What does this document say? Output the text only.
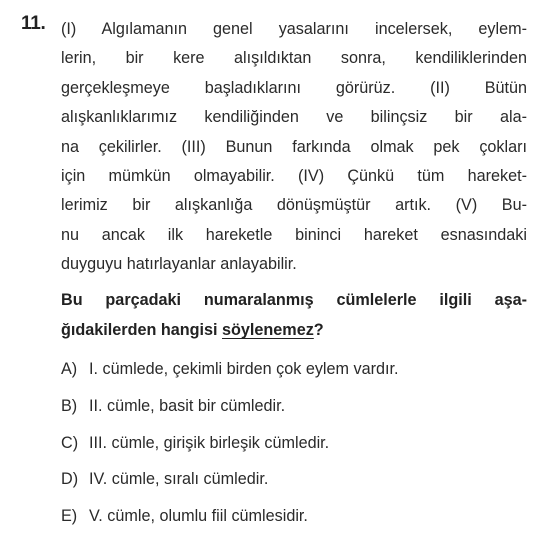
11. (I) Algılamanın genel yasalarını incelersek, eylem-
lerin, bir kere alışıldıktan sonra, kendiliklerinden
gerçekleşmeye başladıklarını görürüz. (II) Bütün
alışkanlıklarımız kendiliğinden ve bilinçsiz bir ala-
na çekilirler. (III) Bunun farkında olmak pek çokları
için mümkün olmayabilir. (IV) Çünkü tüm hareket-
lerimiz bir alışkanlığa dönüşmüştür artık. (V) Bu-
nu ancak ilk hareketle bininci hareket esnasındaki
duyguyu hatırlayanlar anlayabilir.
Bu parçadaki numaralanmış cümlelerle ilgili aşa-
ğıdakilerden hangisi söylenemez?
A) I. cümlede, çekimli birden çok eylem vardır.
B) II. cümle, basit bir cümledir.
C) III. cümle, girişik birleşik cümledir.
D) IV. cümle, sıralı cümledir.
E) V. cümle, olumlu fiil cümlesidir.
